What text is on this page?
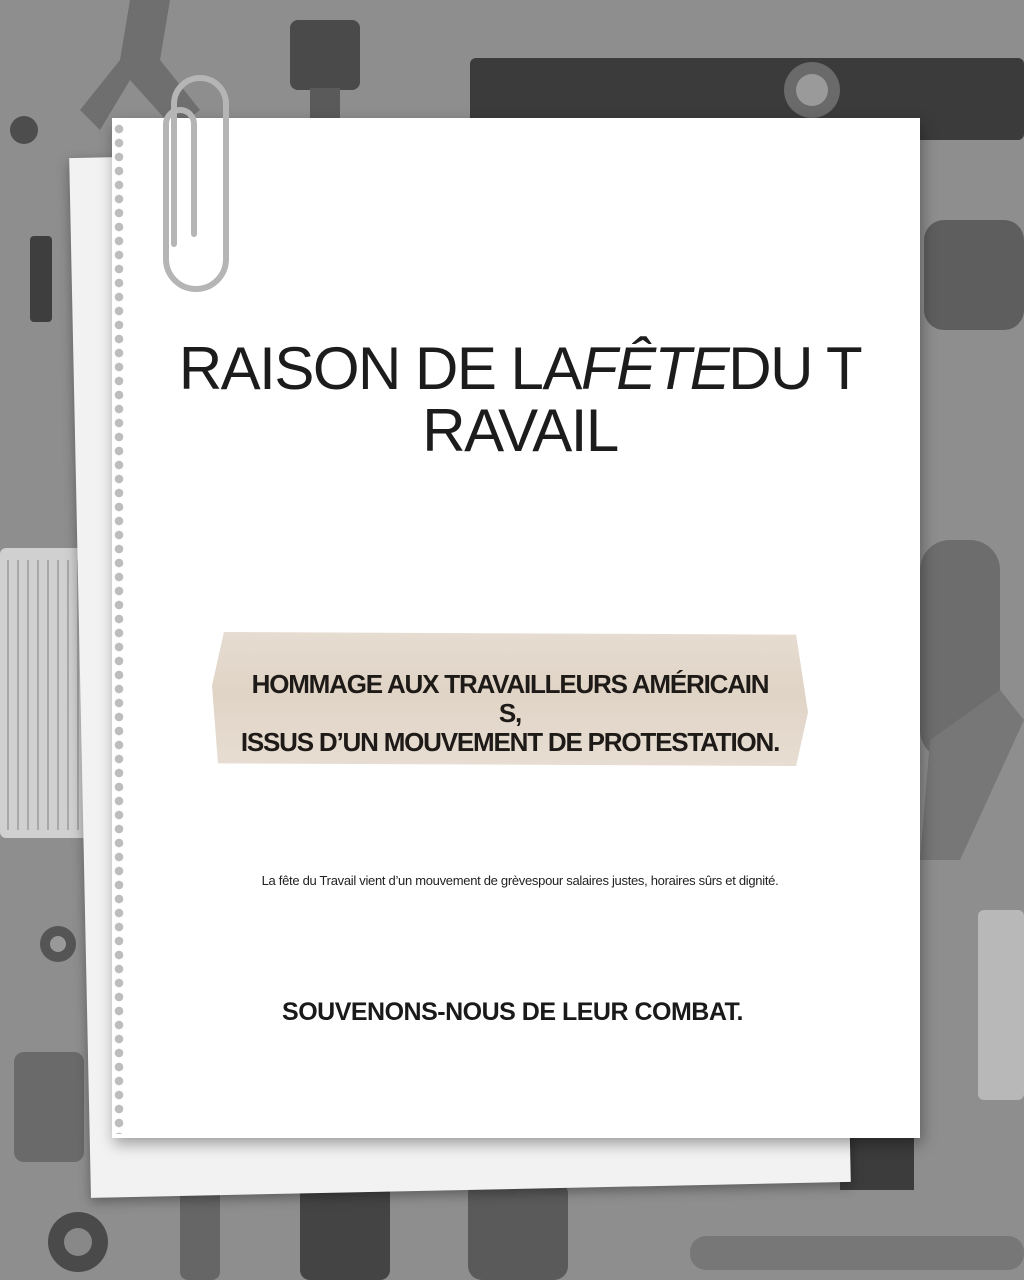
RAISON DE LAFÊTEDU T
RAVAIL
HOMMAGE AUX TRAVAILLEURS AMÉRICAIN
S,
ISSUS D’UN MOUVEMENT DE PROTESTATION.
La fête du Travail vient d’un mouvement de grèvespour salaires justes, horaires sûrs et dignité.
SOUVENONS-NOUS DE LEUR COMBAT.
